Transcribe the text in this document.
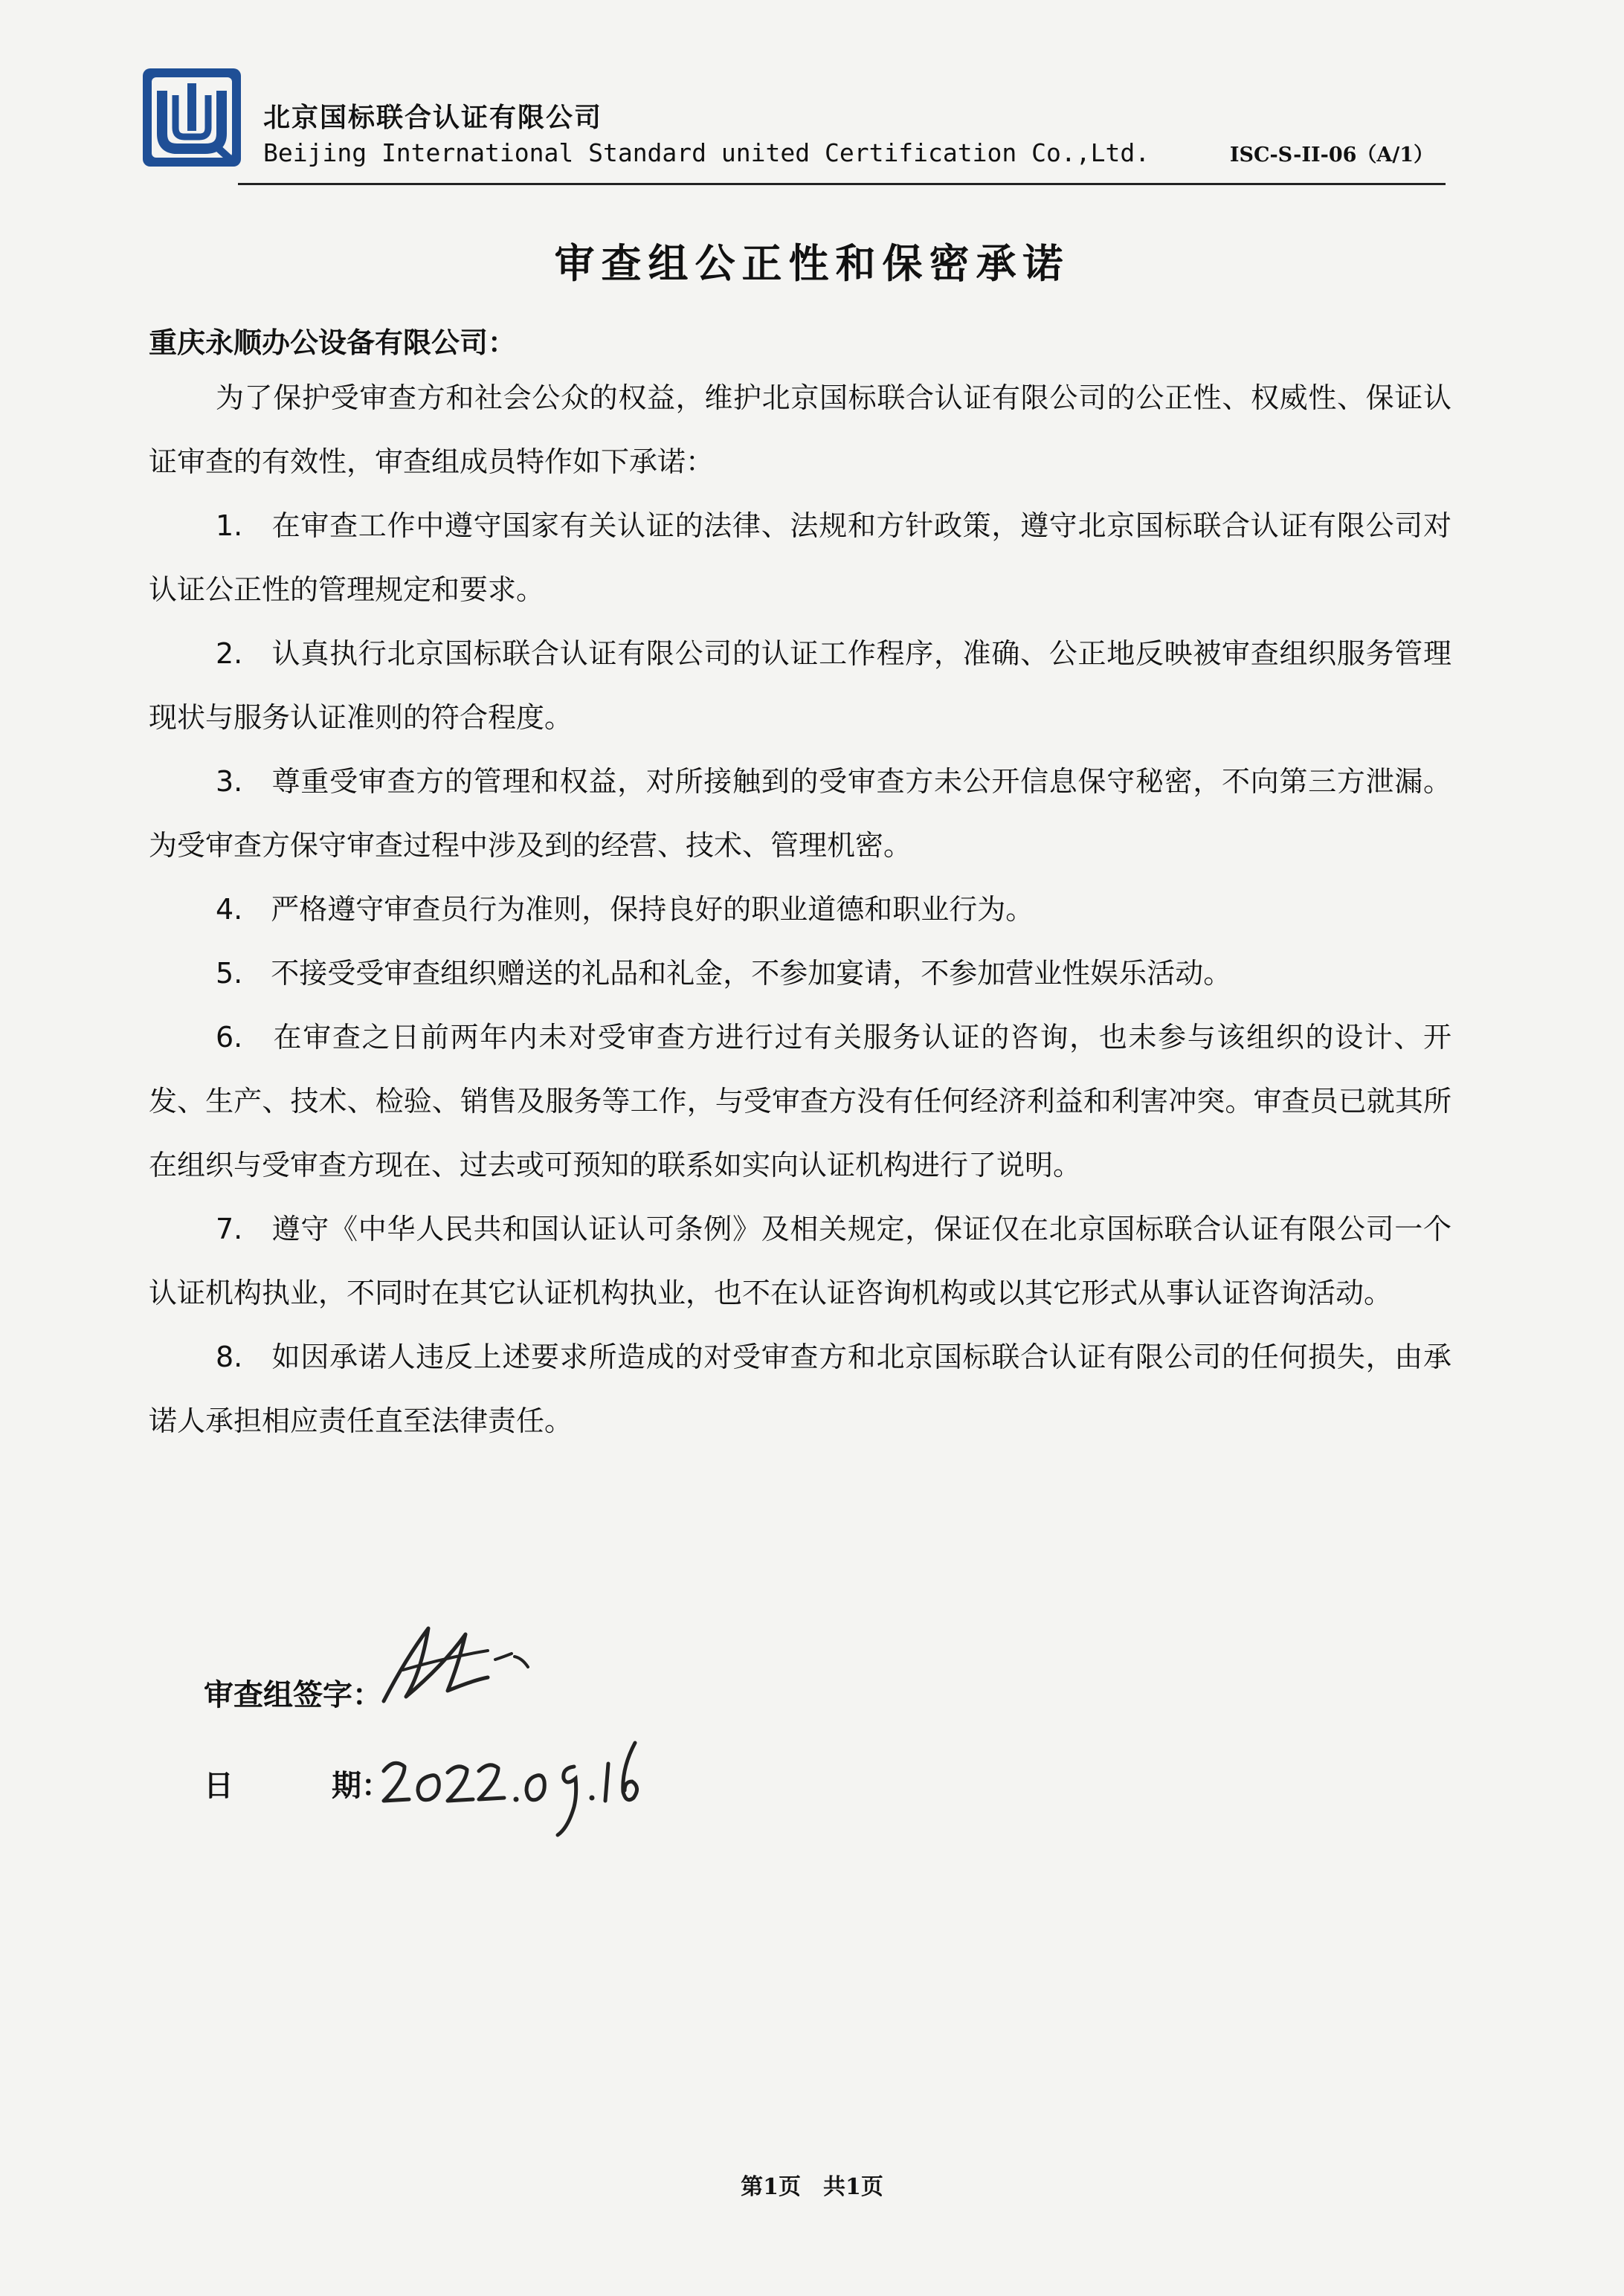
北京国标联合认证有限公司
Beijing International Standard united Certification Co.,Ltd.	ISC-S-II-06（A/1）
审查组公正性和保密承诺
重庆永顺办公设备有限公司：

为了保护受审查方和社会公众的权益，维护北京国标联合认证有限公司的公正性、权威性、保证认证审查的有效性，审查组成员特作如下承诺：

1.　在审查工作中遵守国家有关认证的法律、法规和方针政策，遵守北京国标联合认证有限公司对认证公正性的管理规定和要求。

2.　认真执行北京国标联合认证有限公司的认证工作程序，准确、公正地反映被审查组织服务管理现状与服务认证准则的符合程度。

3.　尊重受审查方的管理和权益，对所接触到的受审查方未公开信息保守秘密，不向第三方泄漏。为受审查方保守审查过程中涉及到的经营、技术、管理机密。

4.　严格遵守审查员行为准则，保持良好的职业道德和职业行为。

5.　不接受受审查组织赠送的礼品和礼金，不参加宴请，不参加营业性娱乐活动。

6.　在审查之日前两年内未对受审查方进行过有关服务认证的咨询，也未参与该组织的设计、开发、生产、技术、检验、销售及服务等工作，与受审查方没有任何经济利益和利害冲突。审查员已就其所在组织与受审查方现在、过去或可预知的联系如实向认证机构进行了说明。

7.　遵守《中华人民共和国认证认可条例》及相关规定，保证仅在北京国标联合认证有限公司一个认证机构执业，不同时在其它认证机构执业，也不在认证咨询机构或以其它形式从事认证咨询活动。

8.　如因承诺人违反上述要求所造成的对受审查方和北京国标联合认证有限公司的任何损失，由承诺人承担相应责任直至法律责任。

审查组签字：
日	期：
第1页　共1页
